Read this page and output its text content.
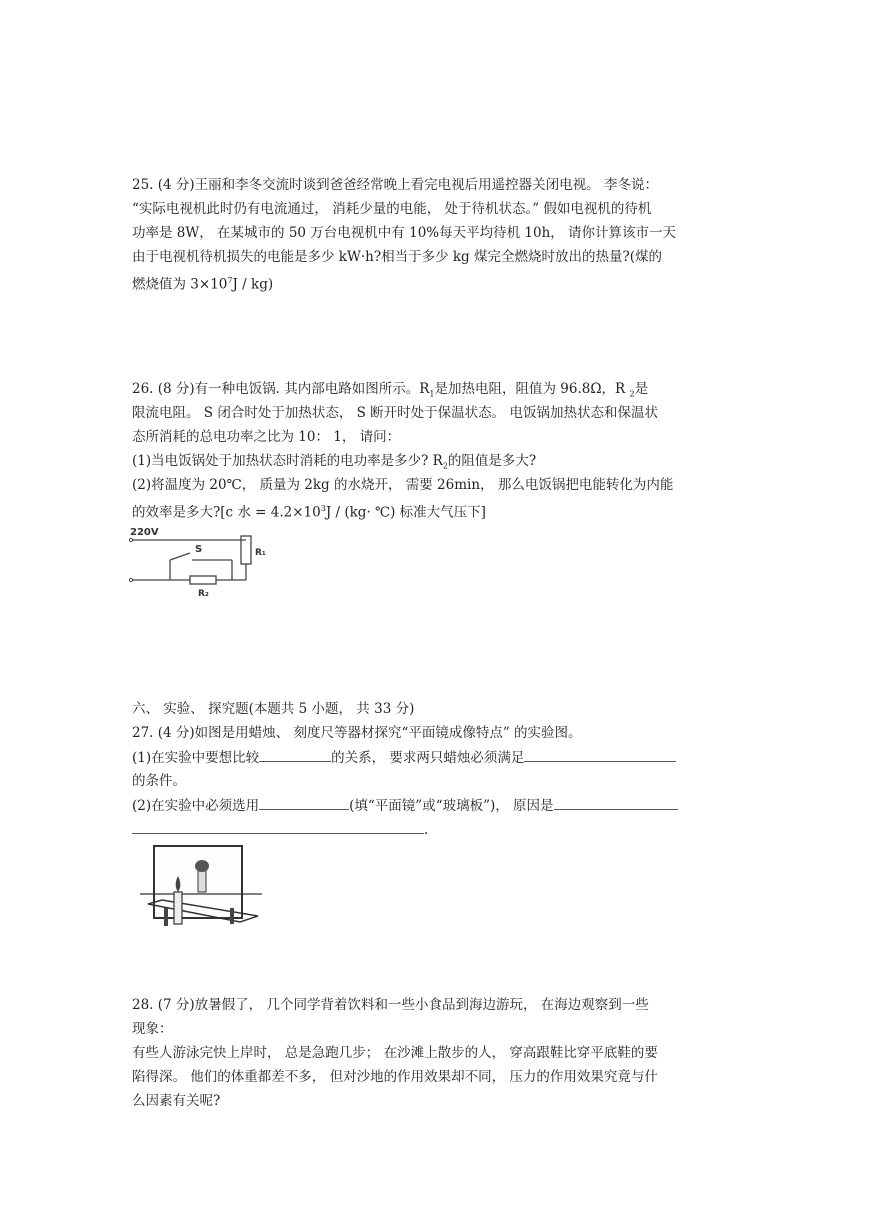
25. (4 分)王丽和李冬交流时谈到爸爸经常晚上看完电视后用遥控器关闭电视。 李冬说：
“实际电视机此时仍有电流通过， 消耗少量的电能， 处于待机状态。” 假如电视机的待机
功率是 8W， 在某城市的 50 万台电视机中有 10%每天平均待机 10h， 请你计算该市一天
由于电视机待机损失的电能是多少 kW·h?相当于多少 kg 煤完全燃烧时放出的热量?(煤的
燃烧值为 $3\times 10^7J / kg$)
26. (8 分)有一种电饭锅. 其内部电路如图所示。$R_1$是加热电阻，阻值为 96.8Ω，R $_2$是
限流电阻。 S 闭合时处于加热状态， S 断开时处于保温状态。 电饭锅加热状态和保温状
态所消耗的总电功率之比为 10： 1， 请问：
(1)当电饭锅处于加热状态时消耗的电功率是多少? $R_2$的阻值是多大?
(2)将温度为 20℃， 质量为 2kg 的水烧开， 需要 26min， 那么电饭锅把电能转化为内能
的效率是多大?[c 水 = $4.2\times 10^3J / (kg\cdot$ ℃) 标准大气压下]
220V
R₁
S
R₂
六、 实验、 探究题(本题共 5 小题， 共 33 分)
27. (4 分)如图是用蜡烛、 刻度尺等器材探究“平面镜成像特点” 的实验图。
(1)在实验中要想比较	的关系， 要求两只蜡烛必须满足
的条件。
(2)在实验中必须选用	(填“平面镜”或“玻璃板”)， 原因是
.
28. (7 分)放暑假了， 几个同学背着饮料和一些小食品到海边游玩， 在海边观察到一些
现象：
有些人游泳完快上岸时， 总是急跑几步； 在沙滩上散步的人， 穿高跟鞋比穿平底鞋的要
陷得深。 他们的体重都差不多， 但对沙地的作用效果却不同， 压力的作用效果究竟与什
么因素有关呢?
